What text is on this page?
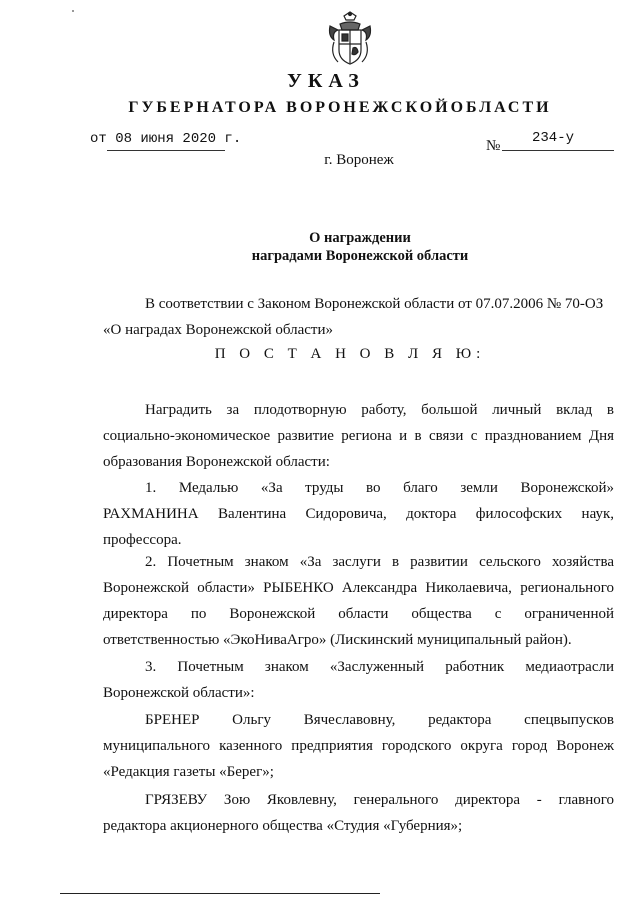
УКАЗ
ГУБЕРНАТОРА ВОРОНЕЖСКОЙОБЛАСТИ
от 08 июня 2020 г.	№ 234-у
г. Воронеж
О награждении
наградами Воронежской области
В соответствии с Законом Воронежской области от 07.07.2006 № 70-ОЗ
«О наградах Воронежской области»
П О С Т А Н О В Л Я Ю:
Наградить за плодотворную работу, большой личный вклад в
социально-экономическое развитие региона и в связи с празднованием Дня
образования Воронежской области:
1. Медалью «За труды во благо земли Воронежской»
РАХМАНИНА Валентина Сидоровича, доктора философских наук,
профессора.
2. Почетным знаком «За заслуги в развитии сельского хозяйства
Воронежской области» РЫБЕНКО Александра Николаевича, регионального
директора по Воронежской области общества с ограниченной
ответственностью «ЭкоНиваАгро» (Лискинский муниципальный район).
3. Почетным знаком «Заслуженный работник медиаотрасли
Воронежской области»:
БРЕНЕР Ольгу Вячеславовну, редактора спецвыпусков
муниципального казенного предприятия городского округа город Воронеж
«Редакция газеты «Берег»;
ГРЯЗЕВУ Зою Яковлевну, генерального директора - главного
редактора акционерного общества «Студия «Губерния»;
